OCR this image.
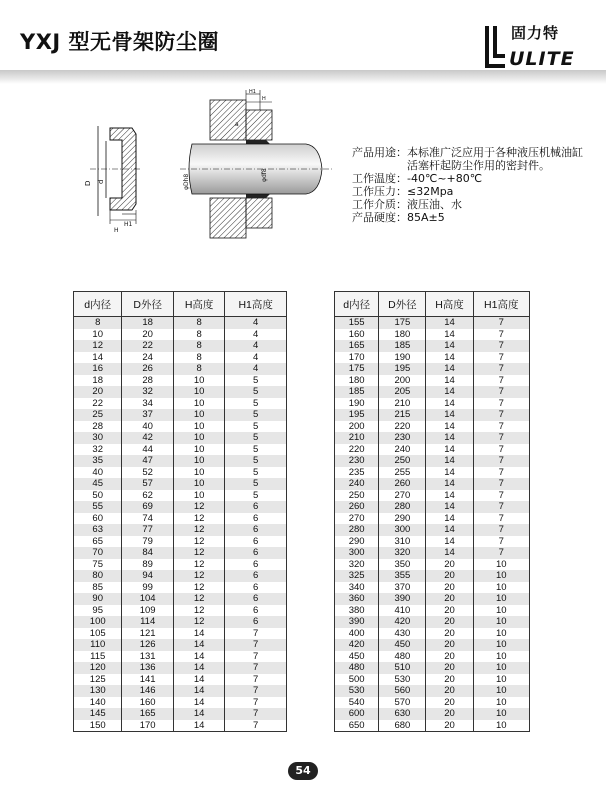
YXJ 型无骨架防尘圈	固力特
ULITE
D d
H
H1
H1
H
a
φDh8	φdf8
产品用途： 本标准广泛应用于各种液压机械油缸活塞杆起防尘作用的密封件。
工作温度： -40℃~+80℃
工作压力： ≤32Mpa
工作介质： 液压油、水
产品硬度： 85A±5
d内径	D外径	H高度	H1高度
8	18	8	4
10	20	8	4
12	22	8	4
14	24	8	4
16	26	8	4
18	28	10	5
20	32	10	5
22	34	10	5
25	37	10	5
28	40	10	5
30	42	10	5
32	44	10	5
35	47	10	5
40	52	10	5
45	57	10	5
50	62	10	5
55	69	12	6
60	74	12	6
63	77	12	6
65	79	12	6
70	84	12	6
75	89	12	6
80	94	12	6
85	99	12	6
90	104	12	6
95	109	12	6
100	114	12	6
105	121	14	7
110	126	14	7
115	131	14	7
120	136	14	7
125	141	14	7
130	146	14	7
140	160	14	7
145	165	14	7
150	170	14	7
d内径	D外径	H高度	H1高度
155	175	14	7
160	180	14	7
165	185	14	7
170	190	14	7
175	195	14	7
180	200	14	7
185	205	14	7
190	210	14	7
195	215	14	7
200	220	14	7
210	230	14	7
220	240	14	7
230	250	14	7
235	255	14	7
240	260	14	7
250	270	14	7
260	280	14	7
270	290	14	7
280	300	14	7
290	310	14	7
300	320	14	7
320	350	20	10
325	355	20	10
340	370	20	10
360	390	20	10
380	410	20	10
390	420	20	10
400	430	20	10
420	450	20	10
450	480	20	10
480	510	20	10
500	530	20	10
530	560	20	10
540	570	20	10
600	630	20	10
650	680	20	10
54
